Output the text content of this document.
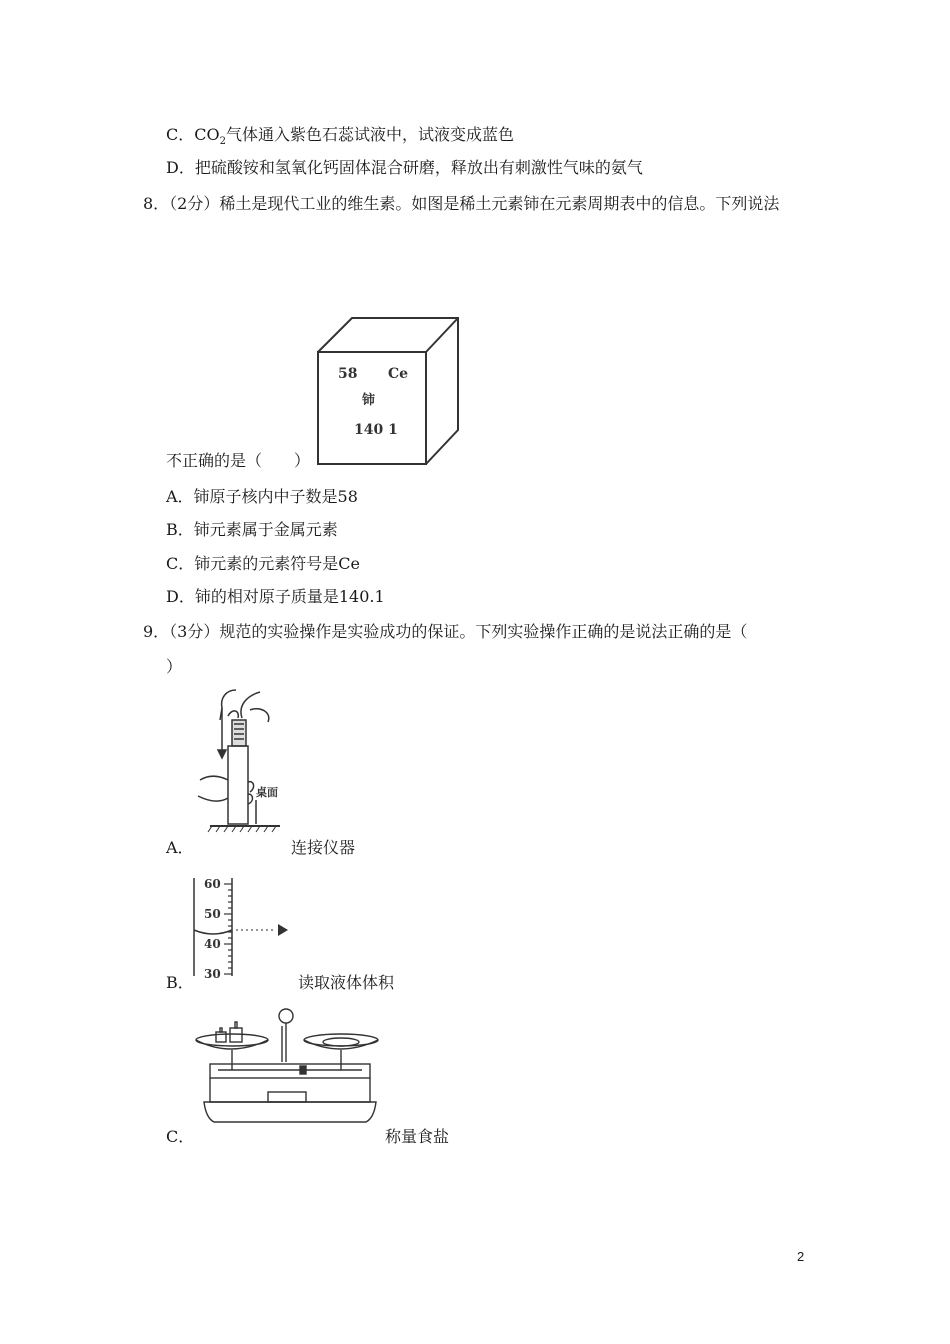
C．$CO_2$气体通入紫色石蕊试液中，试液变成蓝色
D．把硫酸铵和氢氧化钙固体混合研磨，释放出有刺激性气味的氨气
8．（2分）稀土是现代工业的维生素。如图是稀土元素铈在元素周期表中的信息。下列说法
58 Ce
铈
140 1
不正确的是（　　）
A．铈原子核内中子数是58
B．铈元素属于金属元素
C．铈元素的元素符号是Ce
D．铈的相对原子质量是140.1
9．（3分）规范的实验操作是实验成功的保证。下列实验操作正确的是说法正确的是（
）
桌面
A．	连接仪器
60
50
40
30
B．	读取液体体积
C．	称量食盐
2
